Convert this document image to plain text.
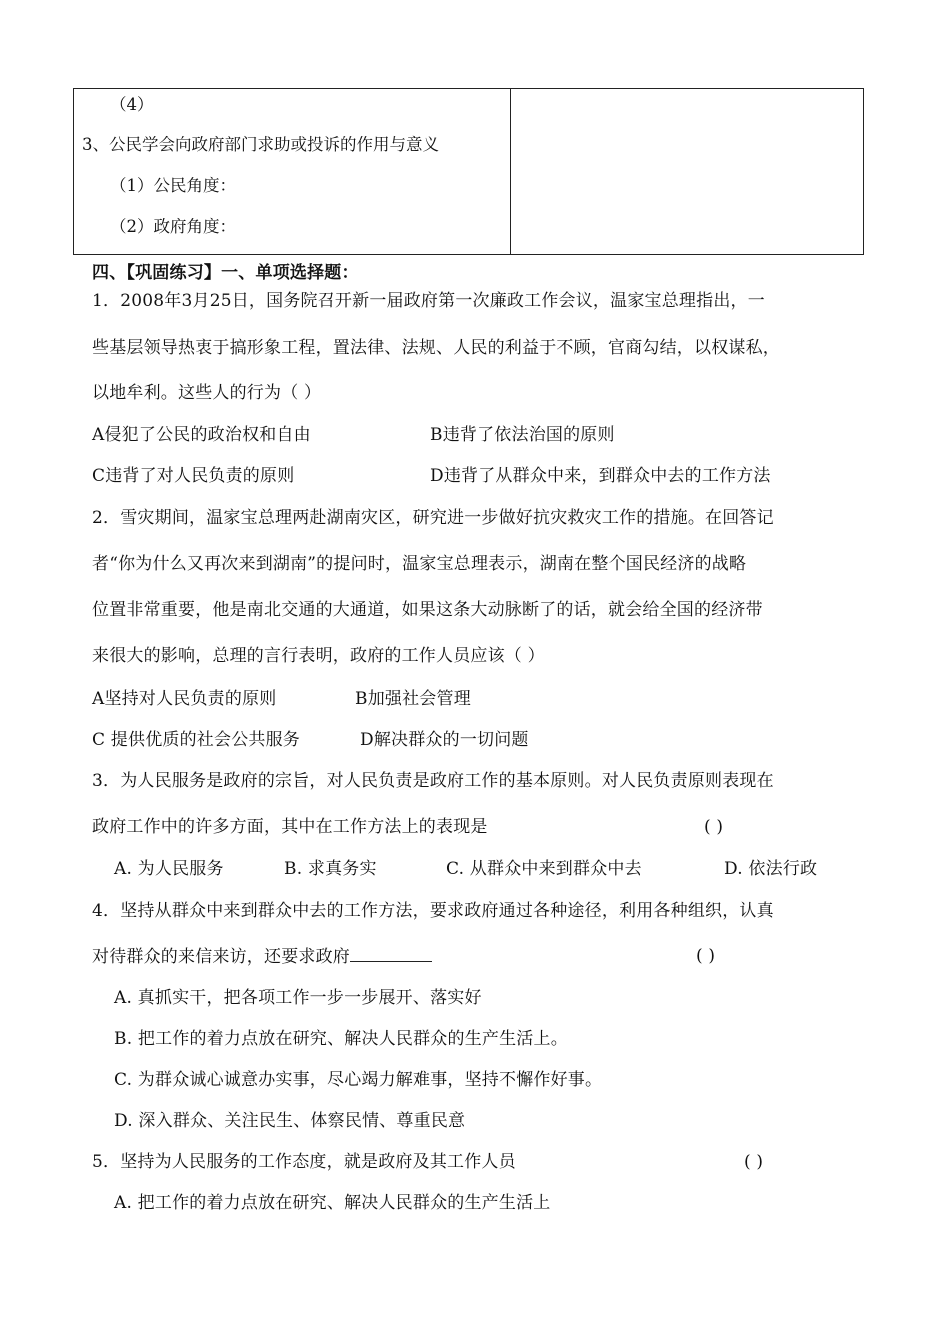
（4）
3、公民学会向政府部门求助或投诉的作用与意义
（1）公民角度：
（2）政府角度：
四、【巩固练习】一、单项选择题：
1．2008年3月25日，国务院召开新一届政府第一次廉政工作会议，温家宝总理指出，一
些基层领导热衷于搞形象工程，置法律、法规、人民的利益于不顾，官商勾结，以权谋私，
以地牟利。这些人的行为（ ）
A侵犯了公民的政治权和自由	B违背了依法治国的原则
C违背了对人民负责的原则	D违背了从群众中来，到群众中去的工作方法
2．雪灾期间，温家宝总理两赴湖南灾区，研究进一步做好抗灾救灾工作的措施。在回答记
者“你为什么又再次来到湖南”的提问时，温家宝总理表示，湖南在整个国民经济的战略
位置非常重要，他是南北交通的大通道，如果这条大动脉断了的话，就会给全国的经济带
来很大的影响，总理的言行表明，政府的工作人员应该（ ）
A坚持对人民负责的原则	B加强社会管理
C 提供优质的社会公共服务	D解决群众的一切问题
3．为人民服务是政府的宗旨，对人民负责是政府工作的基本原则。对人民负责原则表现在
政府工作中的许多方面，其中在工作方法上的表现是	( )
A. 为人民服务	B. 求真务实	C. 从群众中来到群众中去	D. 依法行政
4．坚持从群众中来到群众中去的工作方法，要求政府通过各种途径，利用各种组织，认真
对待群众的来信来访，还要求政府	( )
A. 真抓实干，把各项工作一步一步展开、落实好
B. 把工作的着力点放在研究、解决人民群众的生产生活上。
C. 为群众诚心诚意办实事，尽心竭力解难事，坚持不懈作好事。
D. 深入群众、关注民生、体察民情、尊重民意
5．坚持为人民服务的工作态度，就是政府及其工作人员	( )
A. 把工作的着力点放在研究、解决人民群众的生产生活上
